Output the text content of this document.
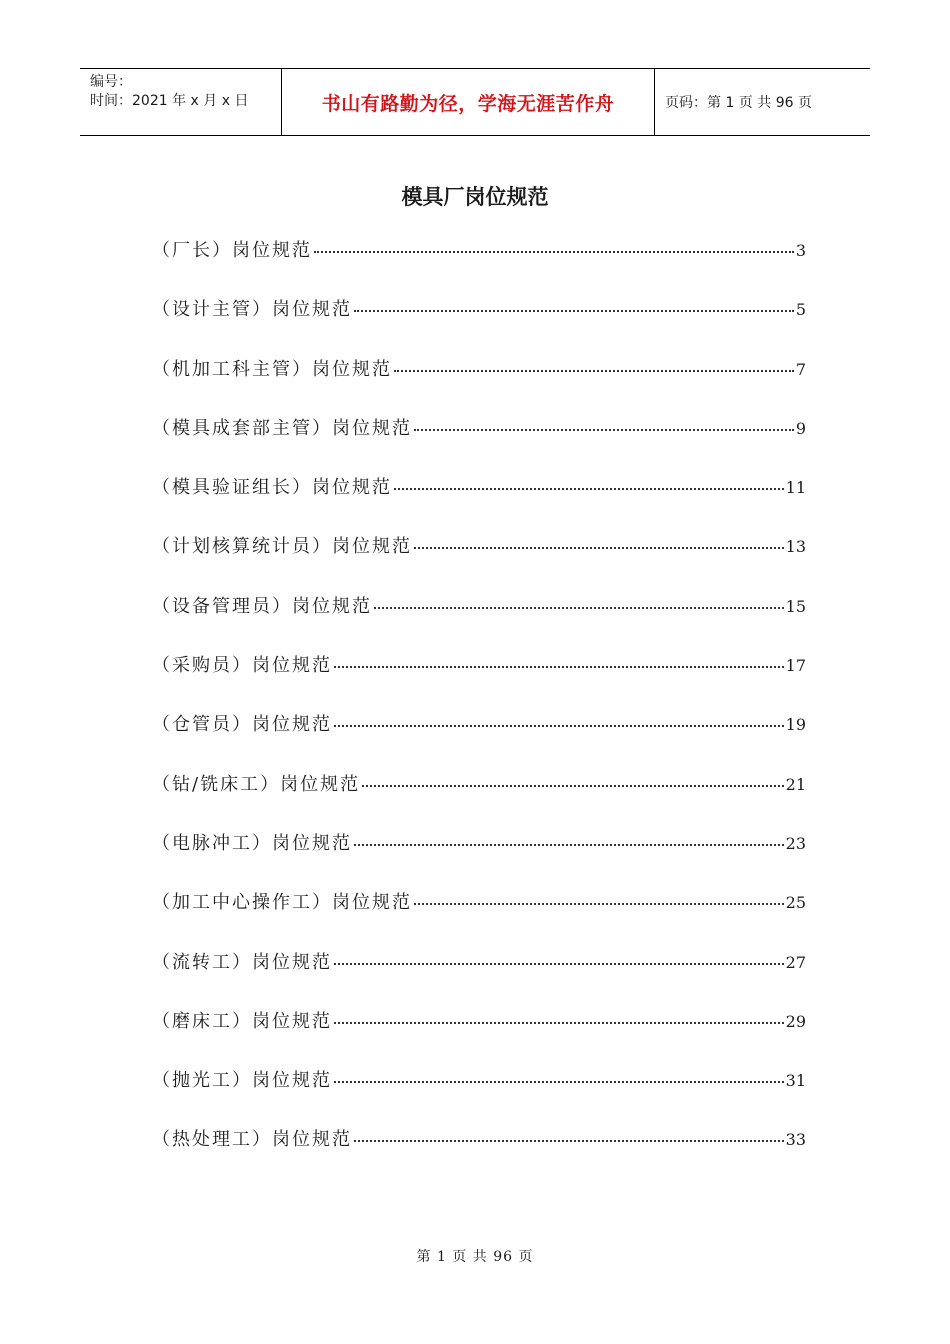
编号：
时间：2021 年 x 月 x 日	书山有路勤为径，学海无涯苦作舟	页码：第 1 页 共 96 页
模具厂岗位规范
（厂长）岗位规范	3
（设计主管）岗位规范	5
（机加工科主管）岗位规范	7
（模具成套部主管）岗位规范	9
（模具验证组长）岗位规范	11
（计划核算统计员）岗位规范	13
（设备管理员）岗位规范	15
（采购员）岗位规范	17
（仓管员）岗位规范	19
（钻/铣床工）岗位规范	21
（电脉冲工）岗位规范	23
（加工中心操作工）岗位规范	25
（流转工）岗位规范	27
（磨床工）岗位规范	29
（抛光工）岗位规范	31
（热处理工）岗位规范	33
第 1 页 共 96 页
